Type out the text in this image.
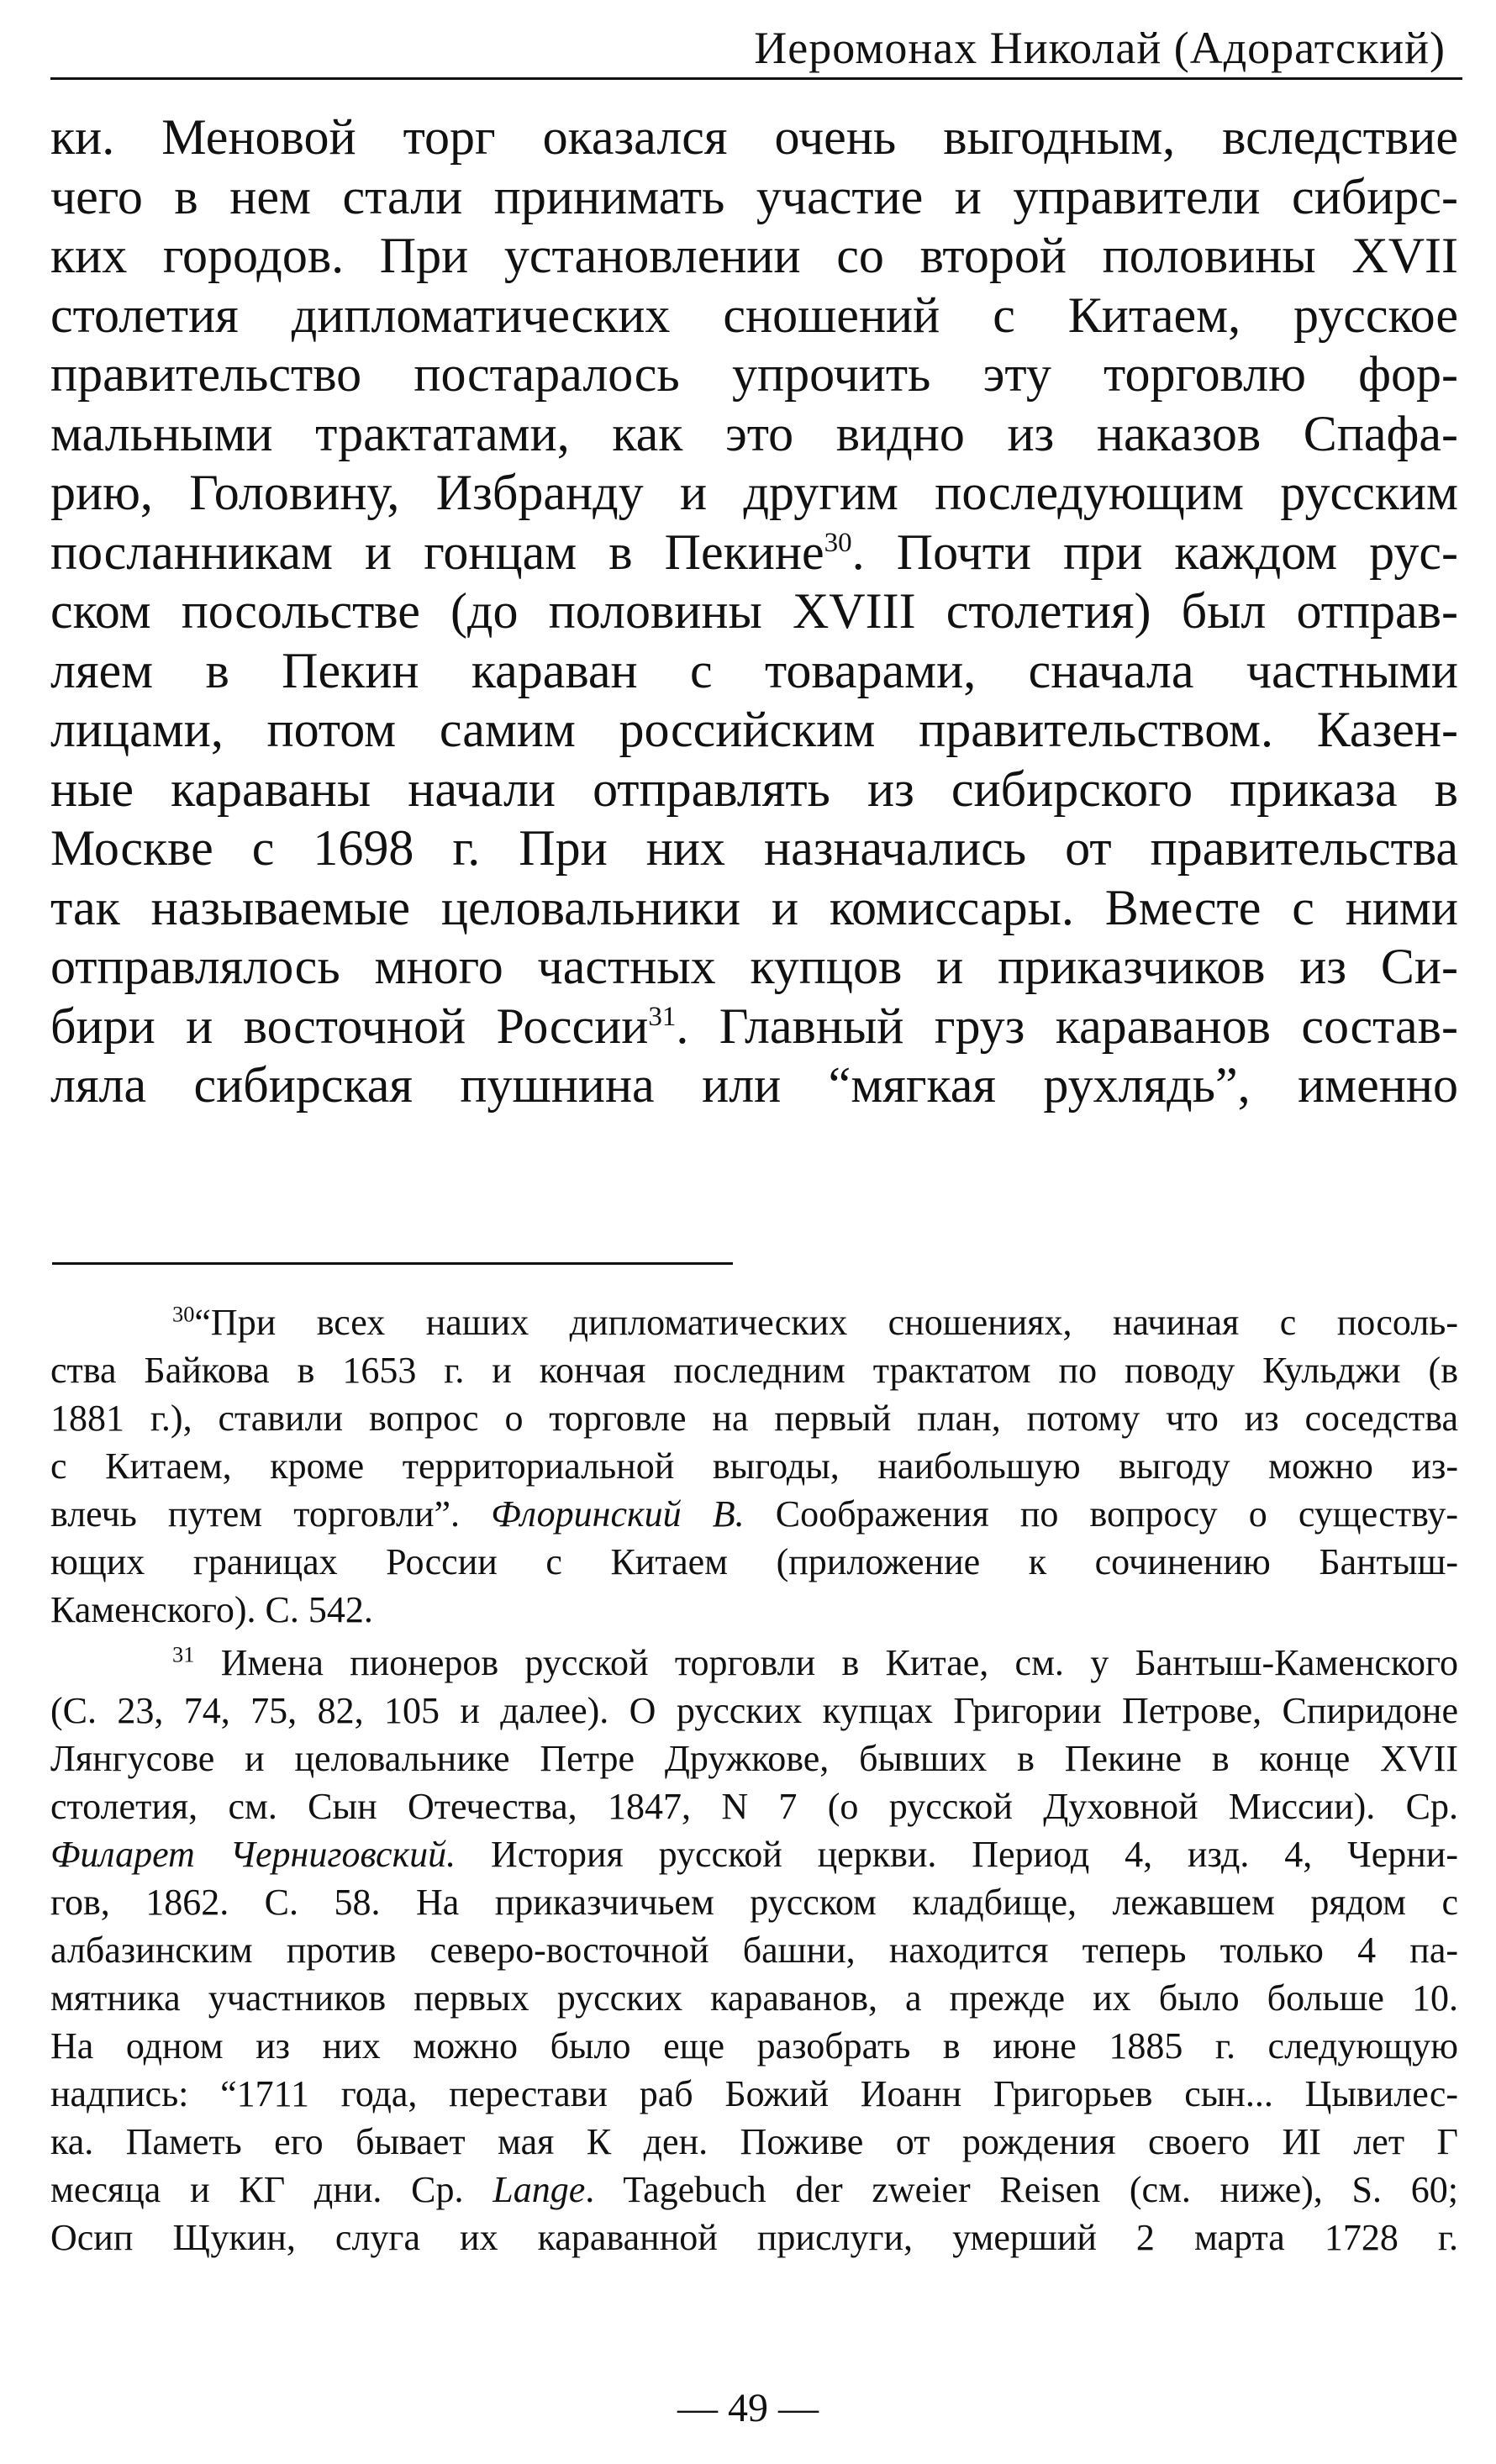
Иеромонах Николай (Адоратский)
ки. Меновой торг оказался очень выгодным, вследствие
чего в нем стали принимать участие и управители сибирс-
ких городов. При установлении со второй половины XVII
столетия дипломатических сношений с Китаем, русское
правительство постаралось упрочить эту торговлю фор-
мальными трактатами, как это видно из наказов Спафа-
рию, Головину, Избранду и другим последующим русским
посланникам и гонцам в Пекине$^{30}$. Почти при каждом рус-
ском посольстве (до половины XVIII столетия) был отправ-
ляем в Пекин караван с товарами, сначала частными
лицами, потом самим российским правительством. Казен-
ные караваны начали отправлять из сибирского приказа в
Москве с 1698 г. При них назначались от правительства
так называемые целовальники и комиссары. Вместе с ними
отправлялось много частных купцов и приказчиков из Си-
бири и восточной России$^{31}$. Главный груз караванов состав-
ляла сибирская пушнина или “мягкая рухлядь”, именно
$^{30}$“При всех наших дипломатических сношениях, начиная с посоль-
ства Байкова в 1653 г. и кончая последним трактатом по поводу Кульджи (в
1881 г.), ставили вопрос о торговле на первый план, потому что из соседства
с Китаем, кроме территориальной выгоды, наибольшую выгоду можно из-
влечь путем торговли”. Флоринский В. Соображения по вопросу о существу-
ющих границах России с Китаем (приложение к сочинению Бантыш-
Каменского). С. 542.
$^{31}$ Имена пионеров русской торговли в Китае, см. у Бантыш-Каменского
(С. 23, 74, 75, 82, 105 и далее). О русских купцах Григории Петрове, Спиридоне
Лянгусове и целовальнике Петре Дружкове, бывших в Пекине в конце XVII
столетия, см. Сын Отечества, 1847, N 7 (о русской Духовной Миссии). Ср.
Филарет Черниговский. История русской церкви. Период 4, изд. 4, Черни-
гов, 1862. С. 58. На приказчичьем русском кладбище, лежавшем рядом с
албазинским против северо-восточной башни, находится теперь только 4 па-
мятника участников первых русских караванов, а прежде их было больше 10.
На одном из них можно было еще разобрать в июне 1885 г. следующую
надпись: “1711 года, перестави раб Божий Иоанн Григорьев сын... Цывилес-
ка. Паметь его бывает мая К ден. Поживе от рождения своего ИІ лет Г
месяца и КГ дни. Ср. Lange. Tagebuch der zweier Reisen (см. ниже), S. 60;
Осип Щукин, слуга их караванной прислуги, умерший 2 марта 1728 г.
— 49 —
